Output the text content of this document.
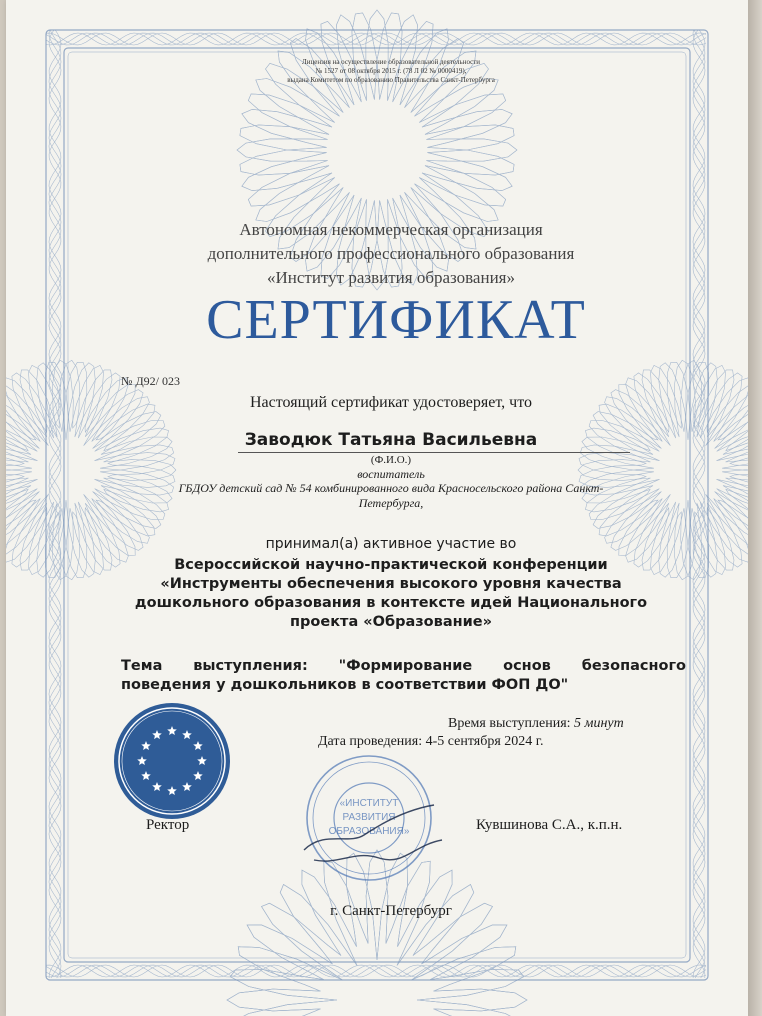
Лицензия на осуществление образовательной деятельности
№ 1527 от 08 октября 2015 г. (78 Л 02 № 0000419),
выдана Комитетом по образованию Правительства Санкт-Петербурга
Автономная некоммерческая организация
дополнительного профессионального образования
«Институт развития образования»
СЕРТИФИКАТ
№ Д92/ 023
Настоящий сертификат удостоверяет, что
Заводюк Татьяна Васильевна
(Ф.И.О.)
воспитатель
ГБДОУ детский сад № 54 комбинированного вида Красносельского района Санкт-
Петербурга,
принимал(а) активное участие во
Всероссийской научно-практической конференции
«Инструменты обеспечения высокого уровня качества
дошкольного образования в контексте идей Национального
проекта «Образование»
Тема выступления: "Формирование основ безопасного
поведения у дошкольников в соответствии ФОП ДО"
Время выступления: 5 минут
Дата проведения: 4-5 сентября 2024 г.
«ИНСТИТУТ
РАЗВИТИЯ
ОБРАЗОВАНИЯ»
Ректор	Кувшинова С.А., к.п.н.
г. Санкт-Петербург
